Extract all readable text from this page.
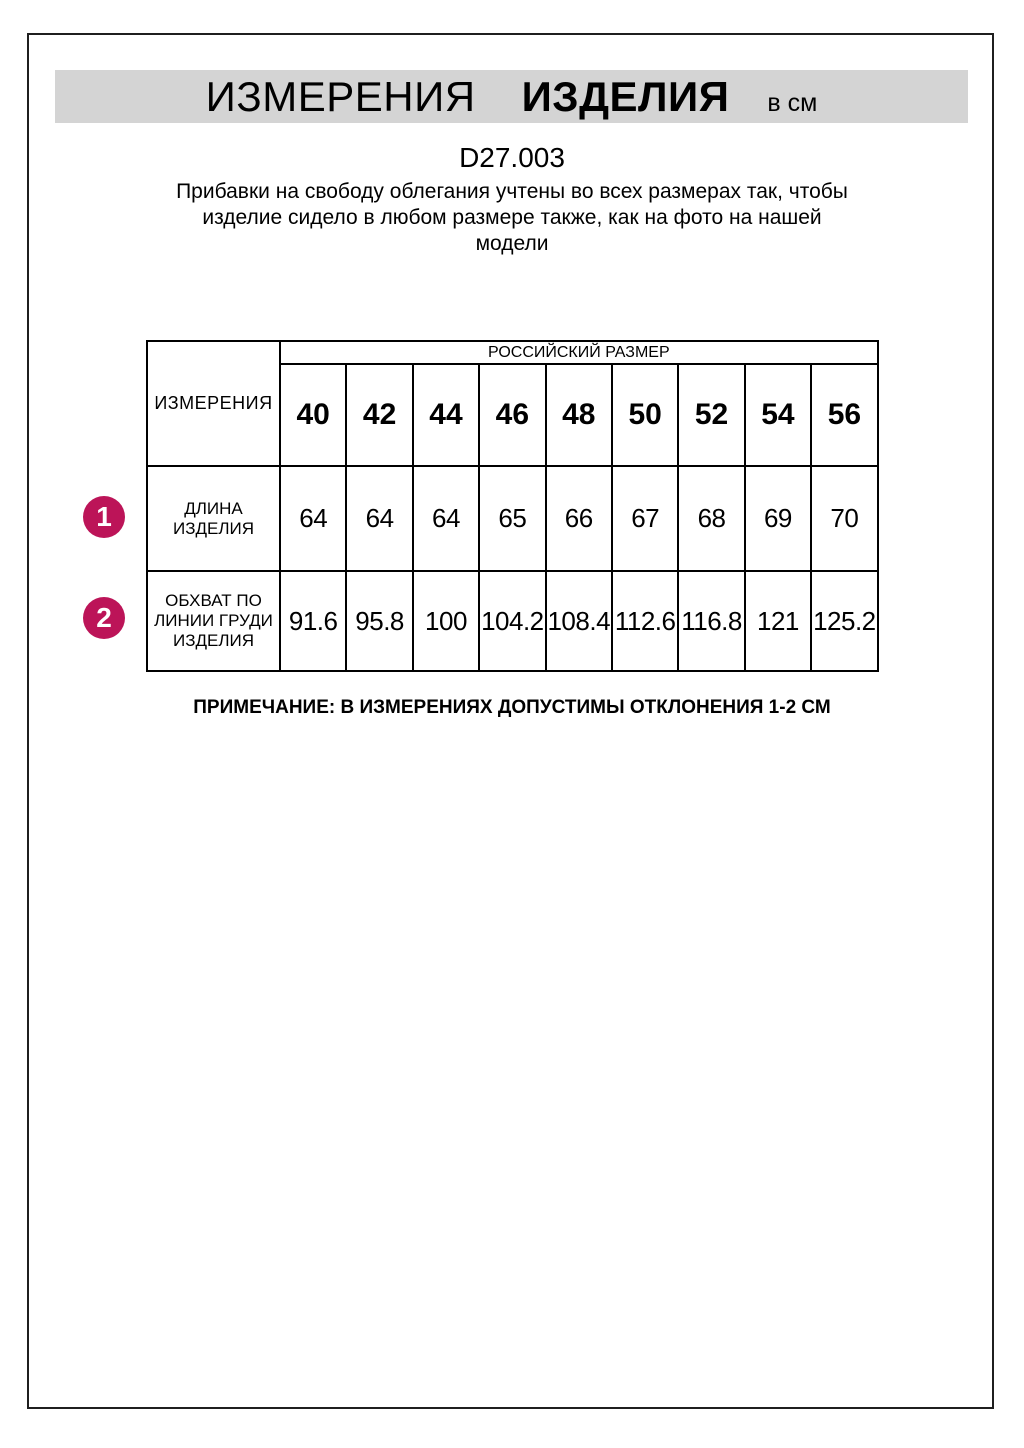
ИЗМЕРЕНИЯ ИЗДЕЛИЯ в см
D27.003
Прибавки на свободу облегания учтены во всех размерах так, чтобы
изделие сидело в любом размере также, как на фото на нашей
модели
ИЗМЕРЕНИЯ	РОССИЙСКИЙ РАЗМЕР								
	40	42	44	46	48	50	52	54	56

ДЛИНА
ИЗДЕЛИЯ	64	64	64	65	66	67	68	69	70

ОБХВАТ ПО
ЛИНИИ ГРУДИ
ИЗДЕЛИЯ	91.6	95.8	100	104.2	108.4	112.6	116.8	121	125.2
1
2
ПРИМЕЧАНИЕ: В ИЗМЕРЕНИЯХ ДОПУСТИМЫ ОТКЛОНЕНИЯ 1-2 СМ
